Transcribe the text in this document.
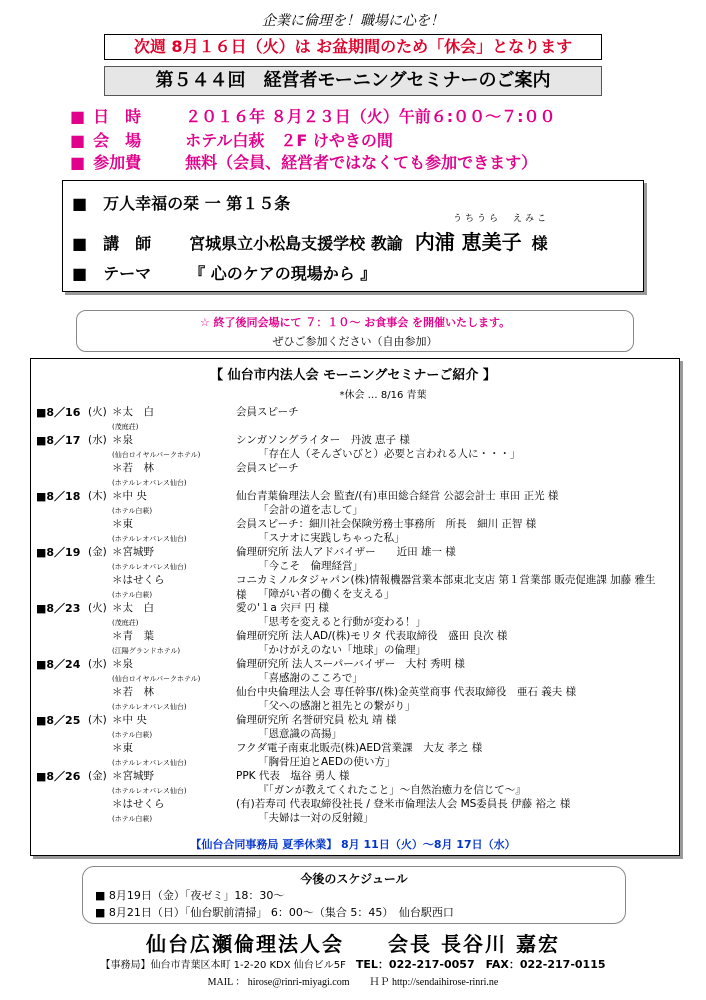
企業に倫理を！職場に心を！
次週 8月１６日（火）は お盆期間のため「休会」となります
第５４４回　経営者モーニングセミナーのご案内
■ 日　時	２０１６年 ８月２３日（火）午前６:００～７:００
■ 会　場	ホテル白萩　２F けやきの間
■ 参加費	無料（会員、経営者ではなくても参加できます）
■　万人幸福の栞 一 第１５条
うちうら　えみこ
■　講　師 宮城県立小松島支援学校 教諭 内浦 恵美子 様
■　テーマ 『 心のケアの現場から 』
☆ 終了後同会場にて ７：１０～ お食事会 を開催いたします。
ぜひご参加ください（自由参加）
【 仙台市内法人会 モーニングセミナーご紹介 】
*休会 … 8/16 青葉
■8／16 (火) ＊太　白	会員スピーチ
(茂庭荘)
■8／17 (水) ＊泉	シンガソングライター　丹波 恵子 様
(仙台ロイヤルパークホテル)	「存在人（そんざいびと）必要と言われる人に・・・」
＊若　林	会員スピーチ
(ホテルレオパレス仙台)
■8／18 (木) ＊中 央	仙台青葉倫理法人会 監査/(有)車田総合経営 公認会計士 車田 正光 様
(ホテル白萩)	「会計の道を志して」
＊東	会員スピーチ：細川社会保険労務士事務所　所長　細川 正智 様
(ホテルレオパレス仙台)	「スナオに実践しちゃった私」
■8／19 (金) ＊宮城野	倫理研究所 法人アドバイザー　　近田 雄一 様
(ホテルレオパレス仙台)	「今こそ　倫理経営」
＊はせくら	コニカミノルタジャパン(株)情報機器営業本部東北支店 第１営業部 販売促進課 加藤 雅生 様
(ホテル白萩)	「障がい者の働くを支える」
■8／23 (火) ＊太　白	愛の'１a 宍戸 円 様
(茂庭荘)	「思考を変えると行動が変わる！」
＊青　葉	倫理研究所 法人AD/(株)モリタ 代表取締役　盛田 良次 様
(江陽グランドホテル)	「かけがえのない「地球」の倫理」
■8／24 (水) ＊泉	倫理研究所 法人スーパーバイザー　大村 秀明 様
(仙台ロイヤルパークホテル)	「喜感謝のこころで」
＊若　林	仙台中央倫理法人会 専任幹事/(株)金英堂商事 代表取締役　亜石 義夫 様
(ホテルレオパレス仙台)	「父への感謝と祖先との繋がり」
■8／25 (木) ＊中 央	倫理研究所 名誉研究員 松丸 靖 様
(ホテル白萩)	「恩意識の高揚」
＊東	フクダ電子南東北販売(株)AED営業課　大友 孝之 様
(ホテルレオパレス仙台)	「胸骨圧迫とAEDの使い方」
■8／26 (金) ＊宮城野	PPK 代表　塩谷 勇人 様
(ホテルレオパレス仙台)	『「ガンが教えてくれたこと」～自然治癒力を信じて～』
＊はせくら	(有)若寿司 代表取締役社長 / 登米市倫理法人会 MS委員長 伊藤 裕之 様
(ホテル白萩)	「夫婦は一対の反射鏡」
【仙台合同事務局 夏季休業】 8月 11日（火）～8月 17日（水）
今後のスケジュール
■ 8月19日（金）「夜ゼミ」18：30～
■ 8月21日（日）「仙台駅前清掃」 6：00～（集合 5：45）　仙台駅西口
仙台広瀬倫理法人会　　会長 長谷川 嘉宏
【事務局】仙台市青葉区本町 1-2-20 KDX 仙台ビル5F　 TEL：022-217-0057　FAX：022-217-0115
MAIL ： hirose@rinri-miyagi.com　　ＨＰ http://sendaihirose-rinri.ne
